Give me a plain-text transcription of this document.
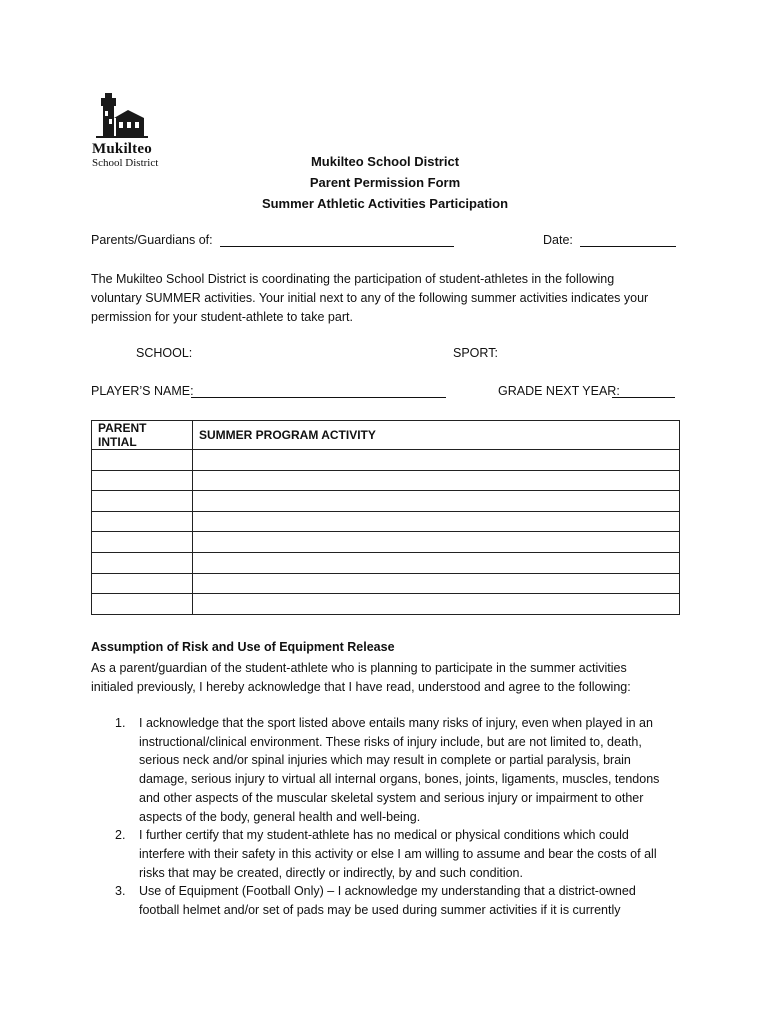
Mukilteo
School District	Mukilteo School District
Parent Permission Form
Summer Athletic Activities Participation
Parents/Guardians of:	Date:
The Mukilteo School District is coordinating the participation of student-athletes in the following
voluntary SUMMER activities. Your initial next to any of the following summer activities indicates your
permission for your student-athlete to take part.
SCHOOL:	SPORT:
PLAYER’S NAME:	GRADE NEXT YEAR:
PARENT INTIAL	SUMMER PROGRAM ACTIVITY

Assumption of Risk and Use of Equipment Release
As a parent/guardian of the student-athlete who is planning to participate in the summer activities
initialed previously, I hereby acknowledge that I have read, understood and agree to the following:
1. I acknowledge that the sport listed above entails many risks of injury, even when played in an
instructional/clinical environment. These risks of injury include, but are not limited to, death,
serious neck and/or spinal injuries which may result in complete or partial paralysis, brain
damage, serious injury to virtual all internal organs, bones, joints, ligaments, muscles, tendons
and other aspects of the muscular skeletal system and serious injury or impairment to other
aspects of the body, general health and well-being.
2. I further certify that my student-athlete has no medical or physical conditions which could
interfere with their safety in this activity or else I am willing to assume and bear the costs of all
risks that may be created, directly or indirectly, by and such condition.
3. Use of Equipment (Football Only) – I acknowledge my understanding that a district-owned
football helmet and/or set of pads may be used during summer activities if it is currently
